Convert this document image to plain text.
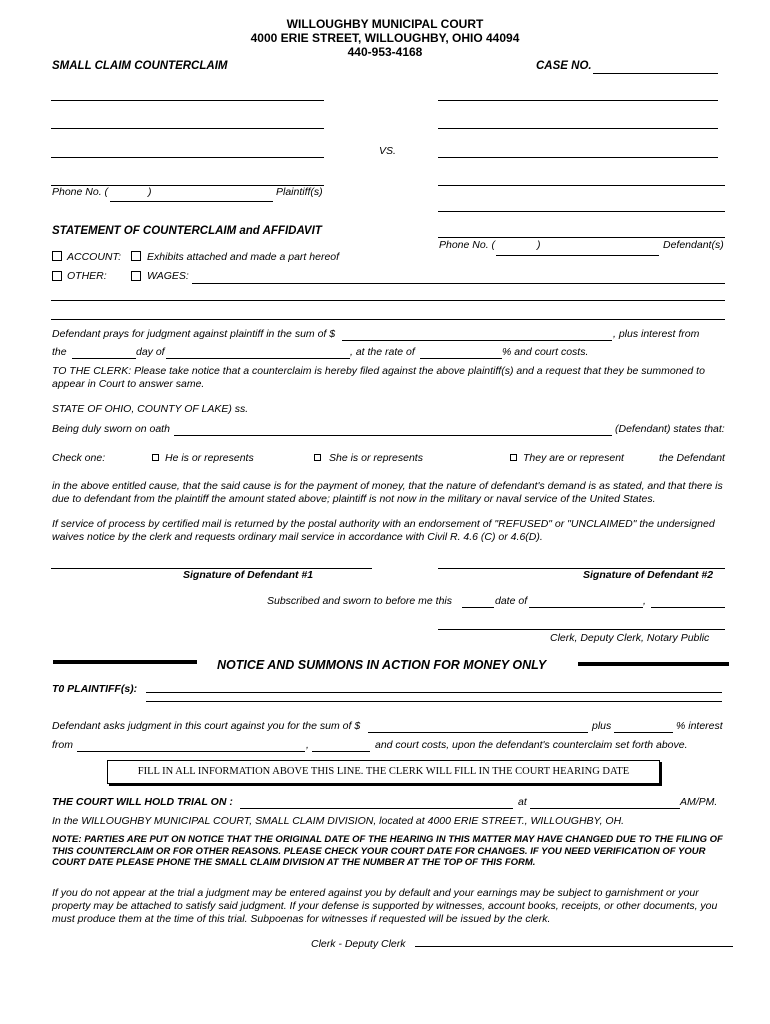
WILLOUGHBY MUNICIPAL COURT
4000 ERIE STREET, WILLOUGHBY, OHIO 44094
440-953-4168
SMALL CLAIM COUNTERCLAIM	CASE NO.
Phone No. (	)	Plaintiff(s)
VS.
Phone No. (	)	Defendant(s)
STATEMENT OF COUNTERCLAIM and AFFIDAVIT
ACCOUNT: Exhibits attached and made a part hereof
OTHER:	WAGES:
Defendant prays for judgment against plaintiff in the sum of $	, plus interest from
the	day of	, at the rate of	% and court costs.
TO THE CLERK: Please take notice that a counterclaim is hereby filed against the above plaintiff(s) and a request that they be summoned to appear in Court to answer same.
STATE OF OHIO, COUNTY OF LAKE) ss.
Being duly sworn on oath	(Defendant) states that:
Check one:	He is or represents	She is or represents	They are or represent	the Defendant
in the above entitled cause, that the said cause is for the payment of money, that the nature of defendant's demand is as stated, and that there is due to defendant from the plaintiff the amount stated above; plaintiff is not now in the military or naval service of the United States.
If service of process by certified mail is returned by the postal authority with an endorsement of "REFUSED" or "UNCLAIMED" the undersigned waives notice by the clerk and requests ordinary mail service in accordance with Civil R. 4.6 (C) or 4.6(D).
Signature of Defendant #1	Signature of Defendant #2
Subscribed and sworn to before me this	date of	,
Clerk, Deputy Clerk, Notary Public
NOTICE AND SUMMONS IN ACTION FOR MONEY ONLY
T0 PLAINTIFF(s):
Defendant asks judgment in this court against you for the sum of $	plus	% interest
from	,	and court costs, upon the defendant's counterclaim set forth above.
FILL IN ALL INFORMATION ABOVE THIS LINE. THE CLERK WILL FILL IN THE COURT HEARING DATE
THE COURT WILL HOLD TRIAL ON :	at	AM/PM.
In the WILLOUGHBY MUNICIPAL COURT, SMALL CLAIM DIVISION, located at 4000 ERIE STREET., WILLOUGHBY, OH.
NOTE: PARTIES ARE PUT ON NOTICE THAT THE ORIGINAL DATE OF THE HEARING IN THIS MATTER MAY HAVE CHANGED DUE TO THE FILING OF THIS COUNTERCLAIM OR FOR OTHER REASONS. PLEASE CHECK YOUR COURT DATE FOR CHANGES. IF YOU NEED VERIFICATION OF YOUR COURT DATE PLEASE PHONE THE SMALL CLAIM DIVISION AT THE NUMBER AT THE TOP OF THIS FORM.
If you do not appear at the trial a judgment may be entered against you by default and your earnings may be subject to garnishment or your property may be attached to satisfy said judgment. If your defense is supported by witnesses, account books, receipts, or other documents, you must produce them at the time of this trial. Subpoenas for witnesses if requested will be issued by the clerk.
Clerk - Deputy Clerk
